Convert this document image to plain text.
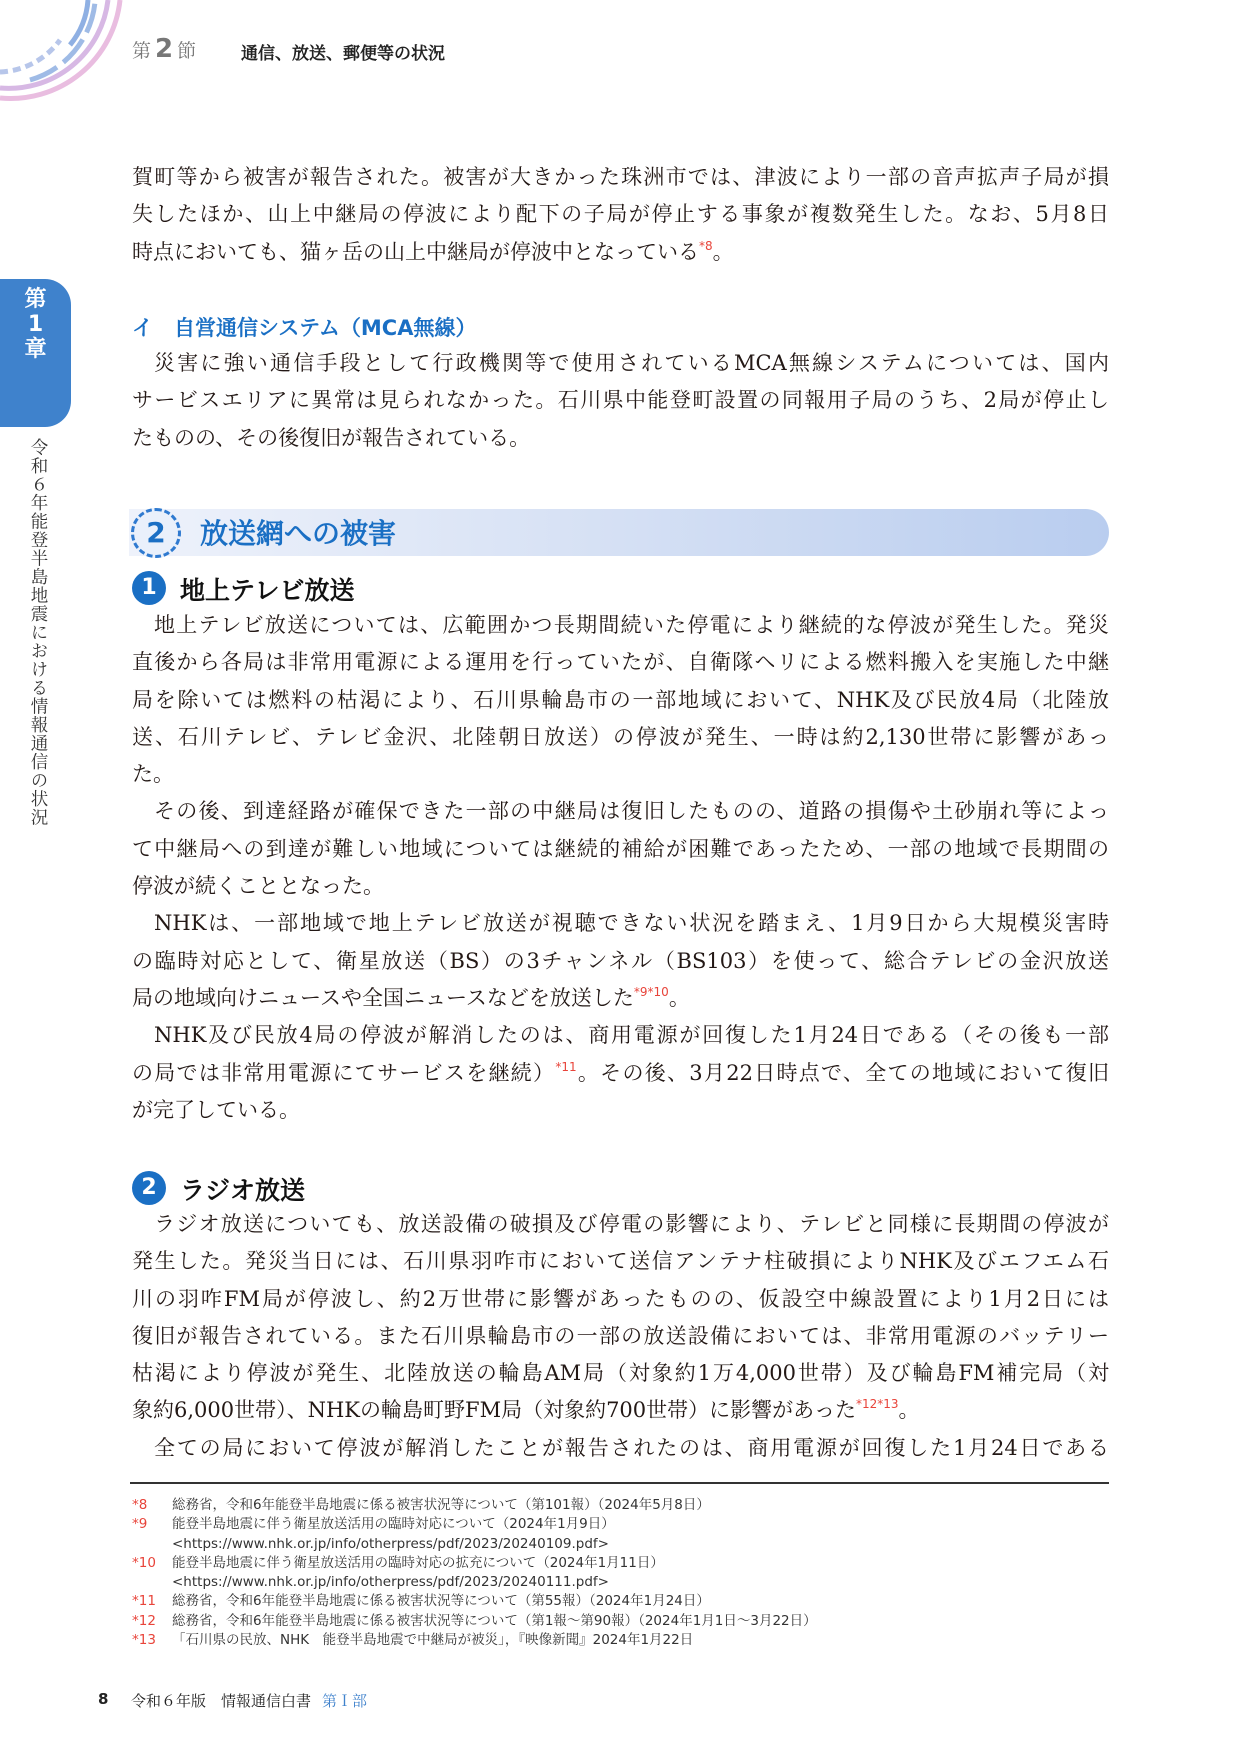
第 2 節	通信、放送、郵便等の状況
第
1
章
令和６年能登半島地震における情報通信の状況
賀町等から被害が報告された。被害が大きかった珠洲市では、津波により一部の音声拡声子局が損
失したほか、山上中継局の停波により配下の子局が停止する事象が複数発生した。なお、5月8日
時点においても、猫ヶ岳の山上中継局が停波中となっている$^{*8}$。
イ　自営通信システム（MCA無線）
災害に強い通信手段として行政機関等で使用されているMCA無線システムについては、国内
サービスエリアに異常は見られなかった。石川県中能登町設置の同報用子局のうち、2局が停止し
たものの、その後復旧が報告されている。
2	放送網への被害
1 地上テレビ放送
地上テレビ放送については、広範囲かつ長期間続いた停電により継続的な停波が発生した。発災
直後から各局は非常用電源による運用を行っていたが、自衛隊ヘリによる燃料搬入を実施した中継
局を除いては燃料の枯渇により、石川県輪島市の一部地域において、NHK及び民放4局（北陸放
送、石川テレビ、テレビ金沢、北陸朝日放送）の停波が発生、一時は約2,130世帯に影響があっ
た。
その後、到達経路が確保できた一部の中継局は復旧したものの、道路の損傷や土砂崩れ等によっ
て中継局への到達が難しい地域については継続的補給が困難であったため、一部の地域で長期間の
停波が続くこととなった。
NHKは、一部地域で地上テレビ放送が視聴できない状況を踏まえ、1月9日から大規模災害時
の臨時対応として、衛星放送（BS）の3チャンネル（BS103）を使って、総合テレビの金沢放送
局の地域向けニュースや全国ニュースなどを放送した$^{*9*10}$。
NHK及び民放4局の停波が解消したのは、商用電源が回復した1月24日である（その後も一部
の局では非常用電源にてサービスを継続）$^{*11}$。その後、3月22日時点で、全ての地域において復旧
が完了している。
2 ラジオ放送
ラジオ放送についても、放送設備の破損及び停電の影響により、テレビと同様に長期間の停波が
発生した。発災当日には、石川県羽咋市において送信アンテナ柱破損によりNHK及びエフエム石
川の羽咋FM局が停波し、約2万世帯に影響があったものの、仮設空中線設置により1月2日には
復旧が報告されている。また石川県輪島市の一部の放送設備においては、非常用電源のバッテリー
枯渇により停波が発生、北陸放送の輪島AM局（対象約1万4,000世帯）及び輪島FM補完局（対
象約6,000世帯）、NHKの輪島町野FM局（対象約700世帯）に影響があった$^{*12*13}$。
全ての局において停波が解消したことが報告されたのは、商用電源が回復した1月24日である
*8 総務省，令和6年能登半島地震に係る被害状況等について（第101報）（2024年5月8日）
*9 能登半島地震に伴う衛星放送活用の臨時対応について（2024年1月9日）
<https://www.nhk.or.jp/info/otherpress/pdf/2023/20240109.pdf>
*10 能登半島地震に伴う衛星放送活用の臨時対応の拡充について（2024年1月11日）
<https://www.nhk.or.jp/info/otherpress/pdf/2023/20240111.pdf>
*11 総務省，令和6年能登半島地震に係る被害状況等について（第55報）（2024年1月24日）
*12 総務省，令和6年能登半島地震に係る被害状況等について（第1報～第90報）（2024年1月1日～3月22日）
*13 「石川県の民放、NHK　能登半島地震で中継局が被災」，『映像新聞』2024年1月22日
8 令和６年版　情報通信白書 第Ｉ部
